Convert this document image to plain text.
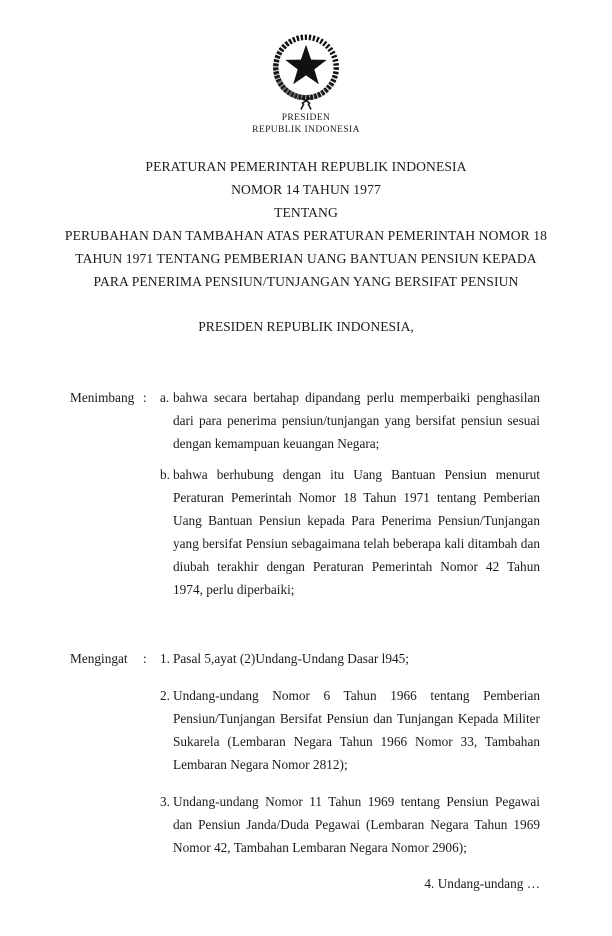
PRESIDEN
REPUBLIK INDONESIA
PERATURAN PEMERINTAH REPUBLIK INDONESIA
NOMOR 14 TAHUN 1977
TENTANG
PERUBAHAN DAN TAMBAHAN ATAS PERATURAN PEMERINTAH NOMOR 18
TAHUN 1971 TENTANG PEMBERIAN UANG BANTUAN PENSIUN KEPADA
PARA PENERIMA PENSIUN/TUNJANGAN YANG BERSIFAT PENSIUN
PRESIDEN REPUBLIK INDONESIA,
Menimbang : a. bahwa secara bertahap dipandang perlu memperbaiki penghasilan dari para penerima pensiun/tunjangan yang bersifat pensiun sesuai dengan kemampuan keuangan Negara;

b. bahwa berhubung dengan itu Uang Bantuan Pensiun menurut Peraturan Pemerintah Nomor 18 Tahun 1971 tentang Pemberian Uang Bantuan Pensiun kepada Para Penerima Pensiun/Tunjangan yang bersifat Pensiun sebagaimana telah beberapa kali ditambah dan diubah terakhir dengan Peraturan Pemerintah Nomor 42 Tahun 1974, perlu diperbaiki;

Mengingat	: 1. Pasal 5,ayat (2)Undang-Undang Dasar l945;

2. Undang-undang Nomor 6 Tahun 1966 tentang Pemberian Pensiun/Tunjangan Bersifat Pensiun dan Tunjangan Kepada Militer Sukarela (Lembaran Negara Tahun 1966 Nomor 33, Tambahan Lembaran Negara Nomor 2812);

3. Undang-undang Nomor 11 Tahun 1969 tentang Pensiun Pegawai dan Pensiun Janda/Duda Pegawai (Lembaran Negara Tahun 1969 Nomor 42, Tambahan Lembaran Negara Nomor 2906);

4. Undang-undang …
